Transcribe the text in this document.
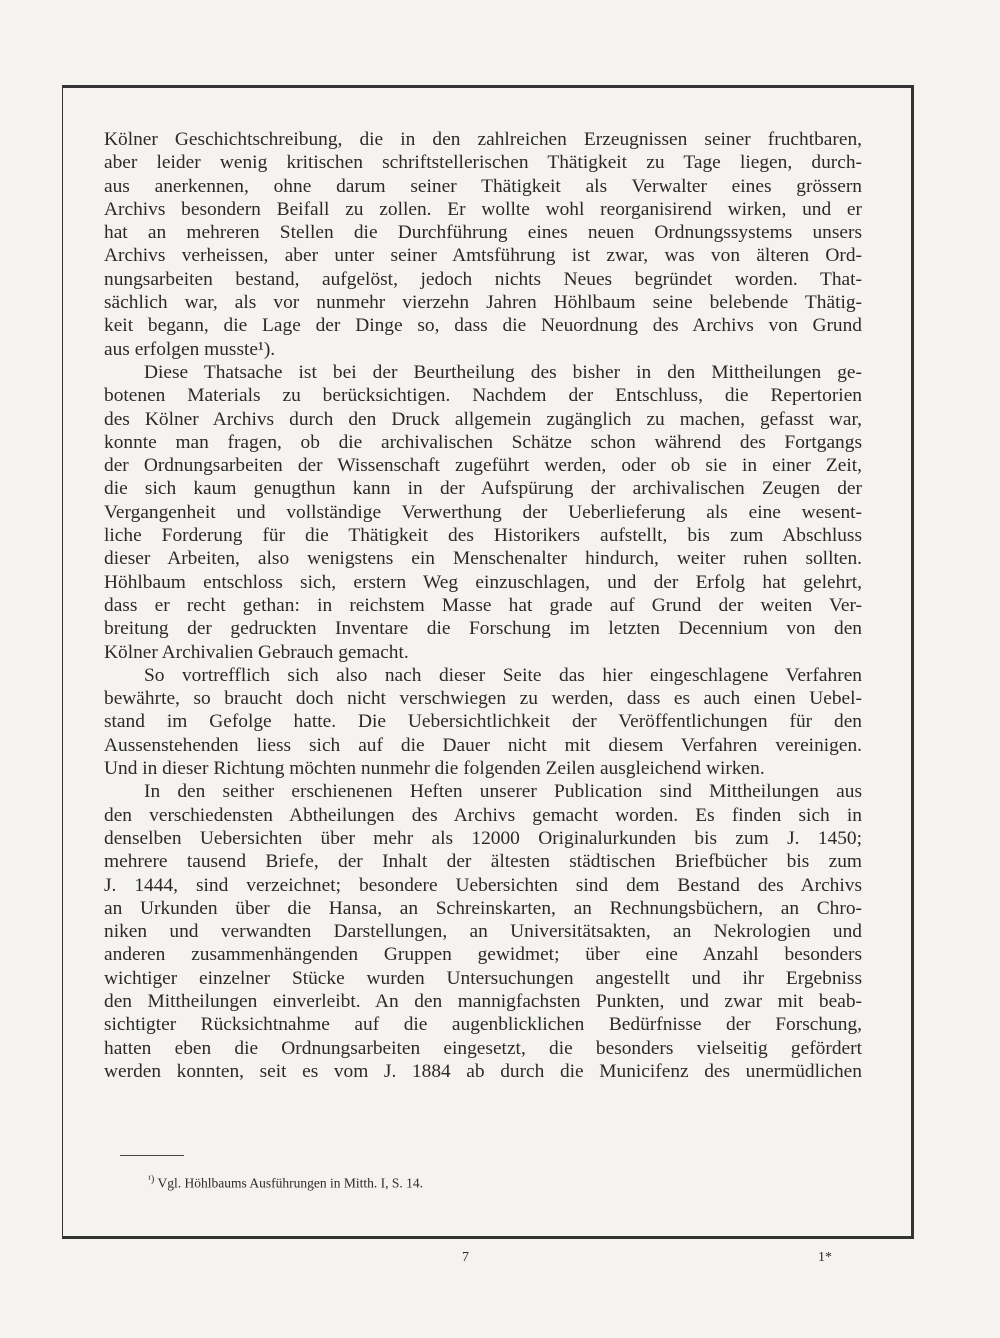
Kölner Geschichtschreibung, die in den zahlreichen Erzeugnissen seiner fruchtbaren,
aber leider wenig kritischen schriftstellerischen Thätigkeit zu Tage liegen, durch-
aus anerkennen, ohne darum seiner Thätigkeit als Verwalter eines grössern
Archivs besondern Beifall zu zollen. Er wollte wohl reorganisirend wirken, und er
hat an mehreren Stellen die Durchführung eines neuen Ordnungssystems unsers
Archivs verheissen, aber unter seiner Amtsführung ist zwar, was von älteren Ord-
nungsarbeiten bestand, aufgelöst, jedoch nichts Neues begründet worden. That-
sächlich war, als vor nunmehr vierzehn Jahren Höhlbaum seine belebende Thätig-
keit begann, die Lage der Dinge so, dass die Neuordnung des Archivs von Grund
aus erfolgen musste¹).
Diese Thatsache ist bei der Beurtheilung des bisher in den Mittheilungen ge-
botenen Materials zu berücksichtigen. Nachdem der Entschluss, die Repertorien
des Kölner Archivs durch den Druck allgemein zugänglich zu machen, gefasst war,
konnte man fragen, ob die archivalischen Schätze schon während des Fortgangs
der Ordnungsarbeiten der Wissenschaft zugeführt werden, oder ob sie in einer Zeit,
die sich kaum genugthun kann in der Aufspürung der archivalischen Zeugen der
Vergangenheit und vollständige Verwerthung der Ueberlieferung als eine wesent-
liche Forderung für die Thätigkeit des Historikers aufstellt, bis zum Abschluss
dieser Arbeiten, also wenigstens ein Menschenalter hindurch, weiter ruhen sollten.
Höhlbaum entschloss sich, erstern Weg einzuschlagen, und der Erfolg hat gelehrt,
dass er recht gethan: in reichstem Masse hat grade auf Grund der weiten Ver-
breitung der gedruckten Inventare die Forschung im letzten Decennium von den
Kölner Archivalien Gebrauch gemacht.
So vortrefflich sich also nach dieser Seite das hier eingeschlagene Verfahren
bewährte, so braucht doch nicht verschwiegen zu werden, dass es auch einen Uebel-
stand im Gefolge hatte. Die Uebersichtlichkeit der Veröffentlichungen für den
Aussenstehenden liess sich auf die Dauer nicht mit diesem Verfahren vereinigen.
Und in dieser Richtung möchten nunmehr die folgenden Zeilen ausgleichend wirken.
In den seither erschienenen Heften unserer Publication sind Mittheilungen aus
den verschiedensten Abtheilungen des Archivs gemacht worden. Es finden sich in
denselben Uebersichten über mehr als 12000 Originalurkunden bis zum J. 1450;
mehrere tausend Briefe, der Inhalt der ältesten städtischen Briefbücher bis zum
J. 1444, sind verzeichnet; besondere Uebersichten sind dem Bestand des Archivs
an Urkunden über die Hansa, an Schreinskarten, an Rechnungsbüchern, an Chro-
niken und verwandten Darstellungen, an Universitätsakten, an Nekrologien und
anderen zusammenhängenden Gruppen gewidmet; über eine Anzahl besonders
wichtiger einzelner Stücke wurden Untersuchungen angestellt und ihr Ergebniss
den Mittheilungen einverleibt. An den mannigfachsten Punkten, und zwar mit beab-
sichtigter Rücksichtnahme auf die augenblicklichen Bedürfnisse der Forschung,
hatten eben die Ordnungsarbeiten eingesetzt, die besonders vielseitig gefördert
werden konnten, seit es vom J. 1884 ab durch die Municifenz des unermüdlichen
$^{^1)}$ Vgl. Höhlbaums Ausführungen in Mitth. I, S. 14.
7	1*
